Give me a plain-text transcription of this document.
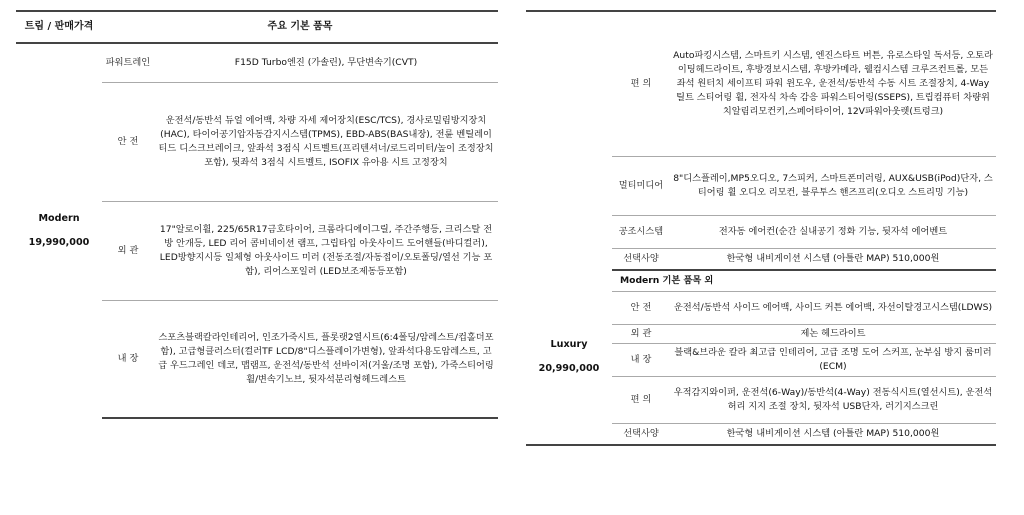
트림 / 판매가격	주요 기본 품목	
Modern
19,990,000	파워트레인	F15D Turbo엔진 (가솔린), 무단변속기(CVT)
	안 전	운전석/동반석 듀얼 에어백, 차량 자세 제어장치(ESC/TCS), 경사로밀림방지장치(HAC), 타이어공기압자동감지시스템(TPMS), EBD-ABS(BAS내장), 전륜 벤틸레이티드 디스크브레이크, 앞좌석 3점식 시트벨트(프리텐셔너/로드리미터/높이 조정장치 포함), 뒷좌석 3점식 시트벨트, ISOFIX 유아용 시트 고정장치
	외 관	17"알로이휠, 225/65R17금호타이어, 크롬라디에이그릴, 주간주행등, 크리스탈 전방 안개등, LED 리어 콤비네이션 램프, 그립타입 아웃사이드 도어핸들(바디컬러), LED방향지시등 일체형 아웃사이드 미러 (전동조절/자동접이/오토폴딩/열선 기능 포함), 리어스포일러 (LED보조제동등포함)
	내 장	스포츠블랙칼라인테리어, 인조가죽시트, 플롯랫2열시트(6:4폴딩/암레스트/컵홀더포함), 고급형클러스터(컬러TF LCD/8"디스플레이가변형), 앞좌석다용도암레스트, 고급 우드그레인 데코, 맵램프, 운전석/동반석 선바이저(거울/조명 포함), 가죽스티어링 휠/변속기노브, 뒷자석분리형헤드레스트
	편 의	Auto파킹시스템, 스마트키 시스템, 엔진스타트 버튼, 유로스타일 독서등, 오토라이팅헤드라이트, 후방경보시스템, 후방카메라, 웰컴시스템 크루즈컨트롤, 모든 좌석 원터치 세이프티 파워 윈도우, 운전석/동반석 수동 시트 조절장치, 4-Way 틸트 스티어링 휠, 전자식 차속 감응 파워스티어링(SSEPS), 트립컴퓨터 차량위치알림리모컨키,스페어타이어, 12V파워아웃렛(트렁크)
	멀티미디어	8"디스플레이,MP5오디오, 7스피커, 스마트폰미러링, AUX&USB(iPod)단자, 스티어링 휠 오디오 리모컨, 블루투스 핸즈프리(오디오 스트리밍 기능)
	공조시스템	전자동 에어컨(순간 실내공기 정화 기능, 뒷자석 에어벤트
	선택사양	한국형 내비게이션 시스템 (아틀란 MAP) 510,000원
Luxury
20,990,000	Modern 기본 품목 외	
	안 전	운전석/동반석 사이드 에어백, 사이드 커튼 에어백, 자선이탈경고시스템(LDWS)
	외 관	제논 헤드라이트
	내 장	블랙&브라운 칼라 최고급 인테리어, 고급 조명 도어 스커프, 눈부심 방지 룸미러(ECM)
	편 의	우적감지와이퍼, 운전석(6-Way)/동반석(4-Way) 전동식시트(열선시트), 운전석 허리 지지 조절 장치, 뒷자석 USB단자, 러기지스크린
	선택사양	한국형 내비게이션 시스템 (아틀란 MAP) 510,000원
